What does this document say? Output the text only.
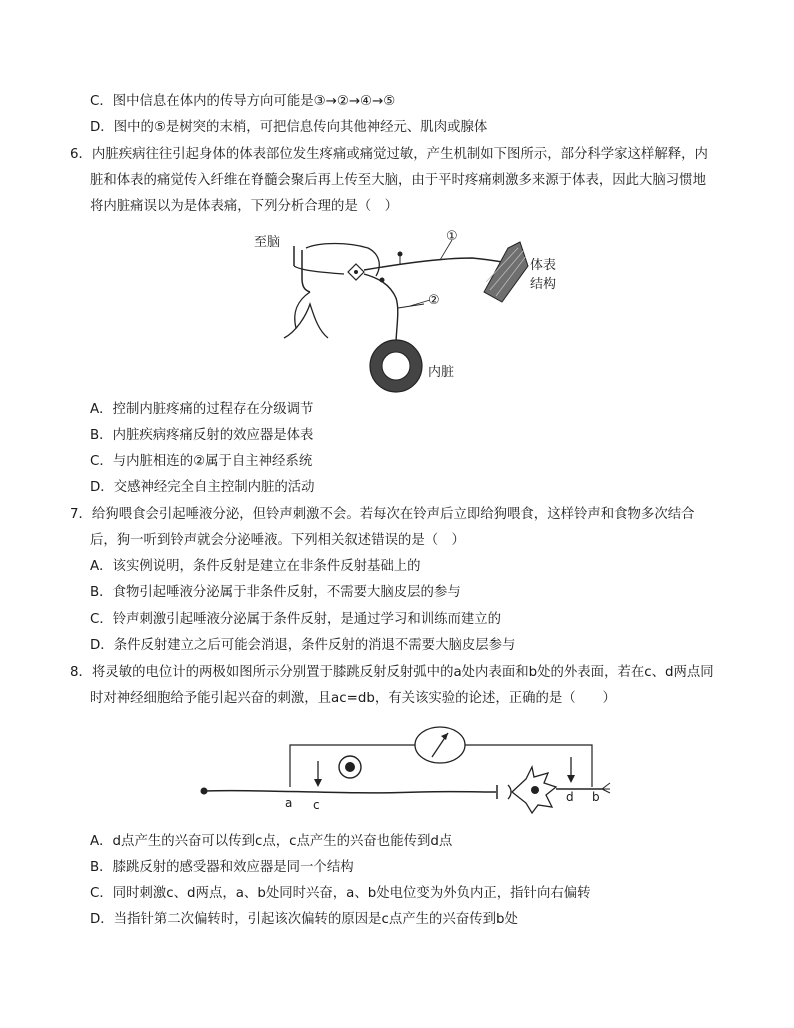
C．图中信息在体内的传导方向可能是③→②→④→⑤
D．图中的⑤是树突的末梢，可把信息传向其他神经元、肌肉或腺体
6．内脏疾病往往引起身体的体表部位发生疼痛或痛觉过敏，产生机制如下图所示，部分科学家这样解释，内
脏和体表的痛觉传入纤维在脊髓会聚后再上传至大脑，由于平时疼痛刺激多来源于体表，因此大脑习惯地
将内脏痛误以为是体表痛，下列分析合理的是（　）
至脑	①
②
体表
结构
内脏
A．控制内脏疼痛的过程存在分级调节
B．内脏疾病疼痛反射的效应器是体表
C．与内脏相连的②属于自主神经系统
D．交感神经完全自主控制内脏的活动
7．给狗喂食会引起唾液分泌，但铃声刺激不会。若每次在铃声后立即给狗喂食，这样铃声和食物多次结合
后，狗一听到铃声就会分泌唾液。下列相关叙述错误的是（　）
A．该实例说明，条件反射是建立在非条件反射基础上的
B．食物引起唾液分泌属于非条件反射，不需要大脑皮层的参与
C．铃声刺激引起唾液分泌属于条件反射，是通过学习和训练而建立的
D．条件反射建立之后可能会消退，条件反射的消退不需要大脑皮层参与
8．将灵敏的电位计的两极如图所示分别置于膝跳反射反射弧中的a处内表面和b处的外表面，若在c、d两点同
时对神经细胞给予能引起兴奋的刺激，且ac=db，有关该实验的论述，正确的是（　　）
a c
d b
A．d点产生的兴奋可以传到c点，c点产生的兴奋也能传到d点
B．膝跳反射的感受器和效应器是同一个结构
C．同时刺激c、d两点，a、b处同时兴奋，a、b处电位变为外负内正，指针向右偏转
D．当指针第二次偏转时，引起该次偏转的原因是c点产生的兴奋传到b处
